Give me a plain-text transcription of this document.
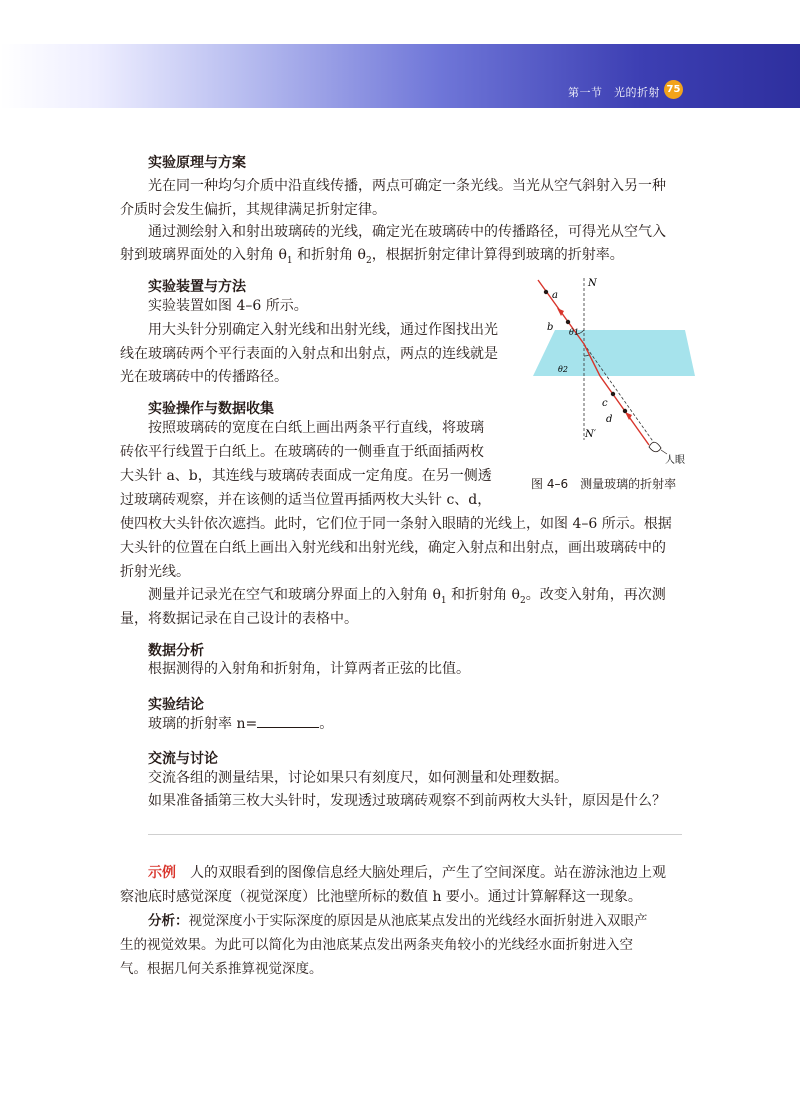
第一节　光的折射 75
实验原理与方案
光在同一种均匀介质中沿直线传播，两点可确定一条光线。当光从空气斜射入另一种
介质时会发生偏折，其规律满足折射定律。
通过测绘射入和射出玻璃砖的光线，确定光在玻璃砖中的传播路径，可得光从空气入
射到玻璃界面处的入射角 $\theta_1$ 和折射角 $\theta_2$，根据折射定律计算得到玻璃的折射率。
实验装置与方法
实验装置如图 4–6 所示。
用大头针分别确定入射光线和出射光线，通过作图找出光
线在玻璃砖两个平行表面的入射点和出射点，两点的连线就是
光在玻璃砖中的传播路径。
实验操作与数据收集
按照玻璃砖的宽度在白纸上画出两条平行直线，将玻璃
砖依平行线置于白纸上。在玻璃砖的一侧垂直于纸面插两枚
大头针 a、b，其连线与玻璃砖表面成一定角度。在另一侧透
过玻璃砖观察，并在该侧的适当位置再插两枚大头针 c、d，
使四枚大头针依次遮挡。此时，它们位于同一条射入眼睛的光线上，如图 4–6 所示。根据
大头针的位置在白纸上画出入射光线和出射光线，确定入射点和出射点，画出玻璃砖中的
折射光线。
测量并记录光在空气和玻璃分界面上的入射角 $\theta_1$ 和折射角 $\theta_2$。改变入射角，再次测
量，将数据记录在自己设计的表格中。
数据分析
根据测得的入射角和折射角，计算两者正弦的比值。
实验结论
玻璃的折射率 n=	。
交流与讨论
交流各组的测量结果，讨论如果只有刻度尺，如何测量和处理数据。
如果准备插第三枚大头针时，发现透过玻璃砖观察不到前两枚大头针，原因是什么？
示例　人的双眼看到的图像信息经大脑处理后，产生了空间深度。站在游泳池边上观
察池底时感觉深度（视觉深度）比池壁所标的数值 h 要小。通过计算解释这一现象。
分析：视觉深度小于实际深度的原因是从池底某点发出的光线经水面折射进入双眼产
生的视觉效果。为此可以简化为由池底某点发出两条夹角较小的光线经水面折射进入空
气。根据几何关系推算视觉深度。
N
N′
a
b
c
d
θ1
θ2
人眼
图 4–6　测量玻璃的折射率
